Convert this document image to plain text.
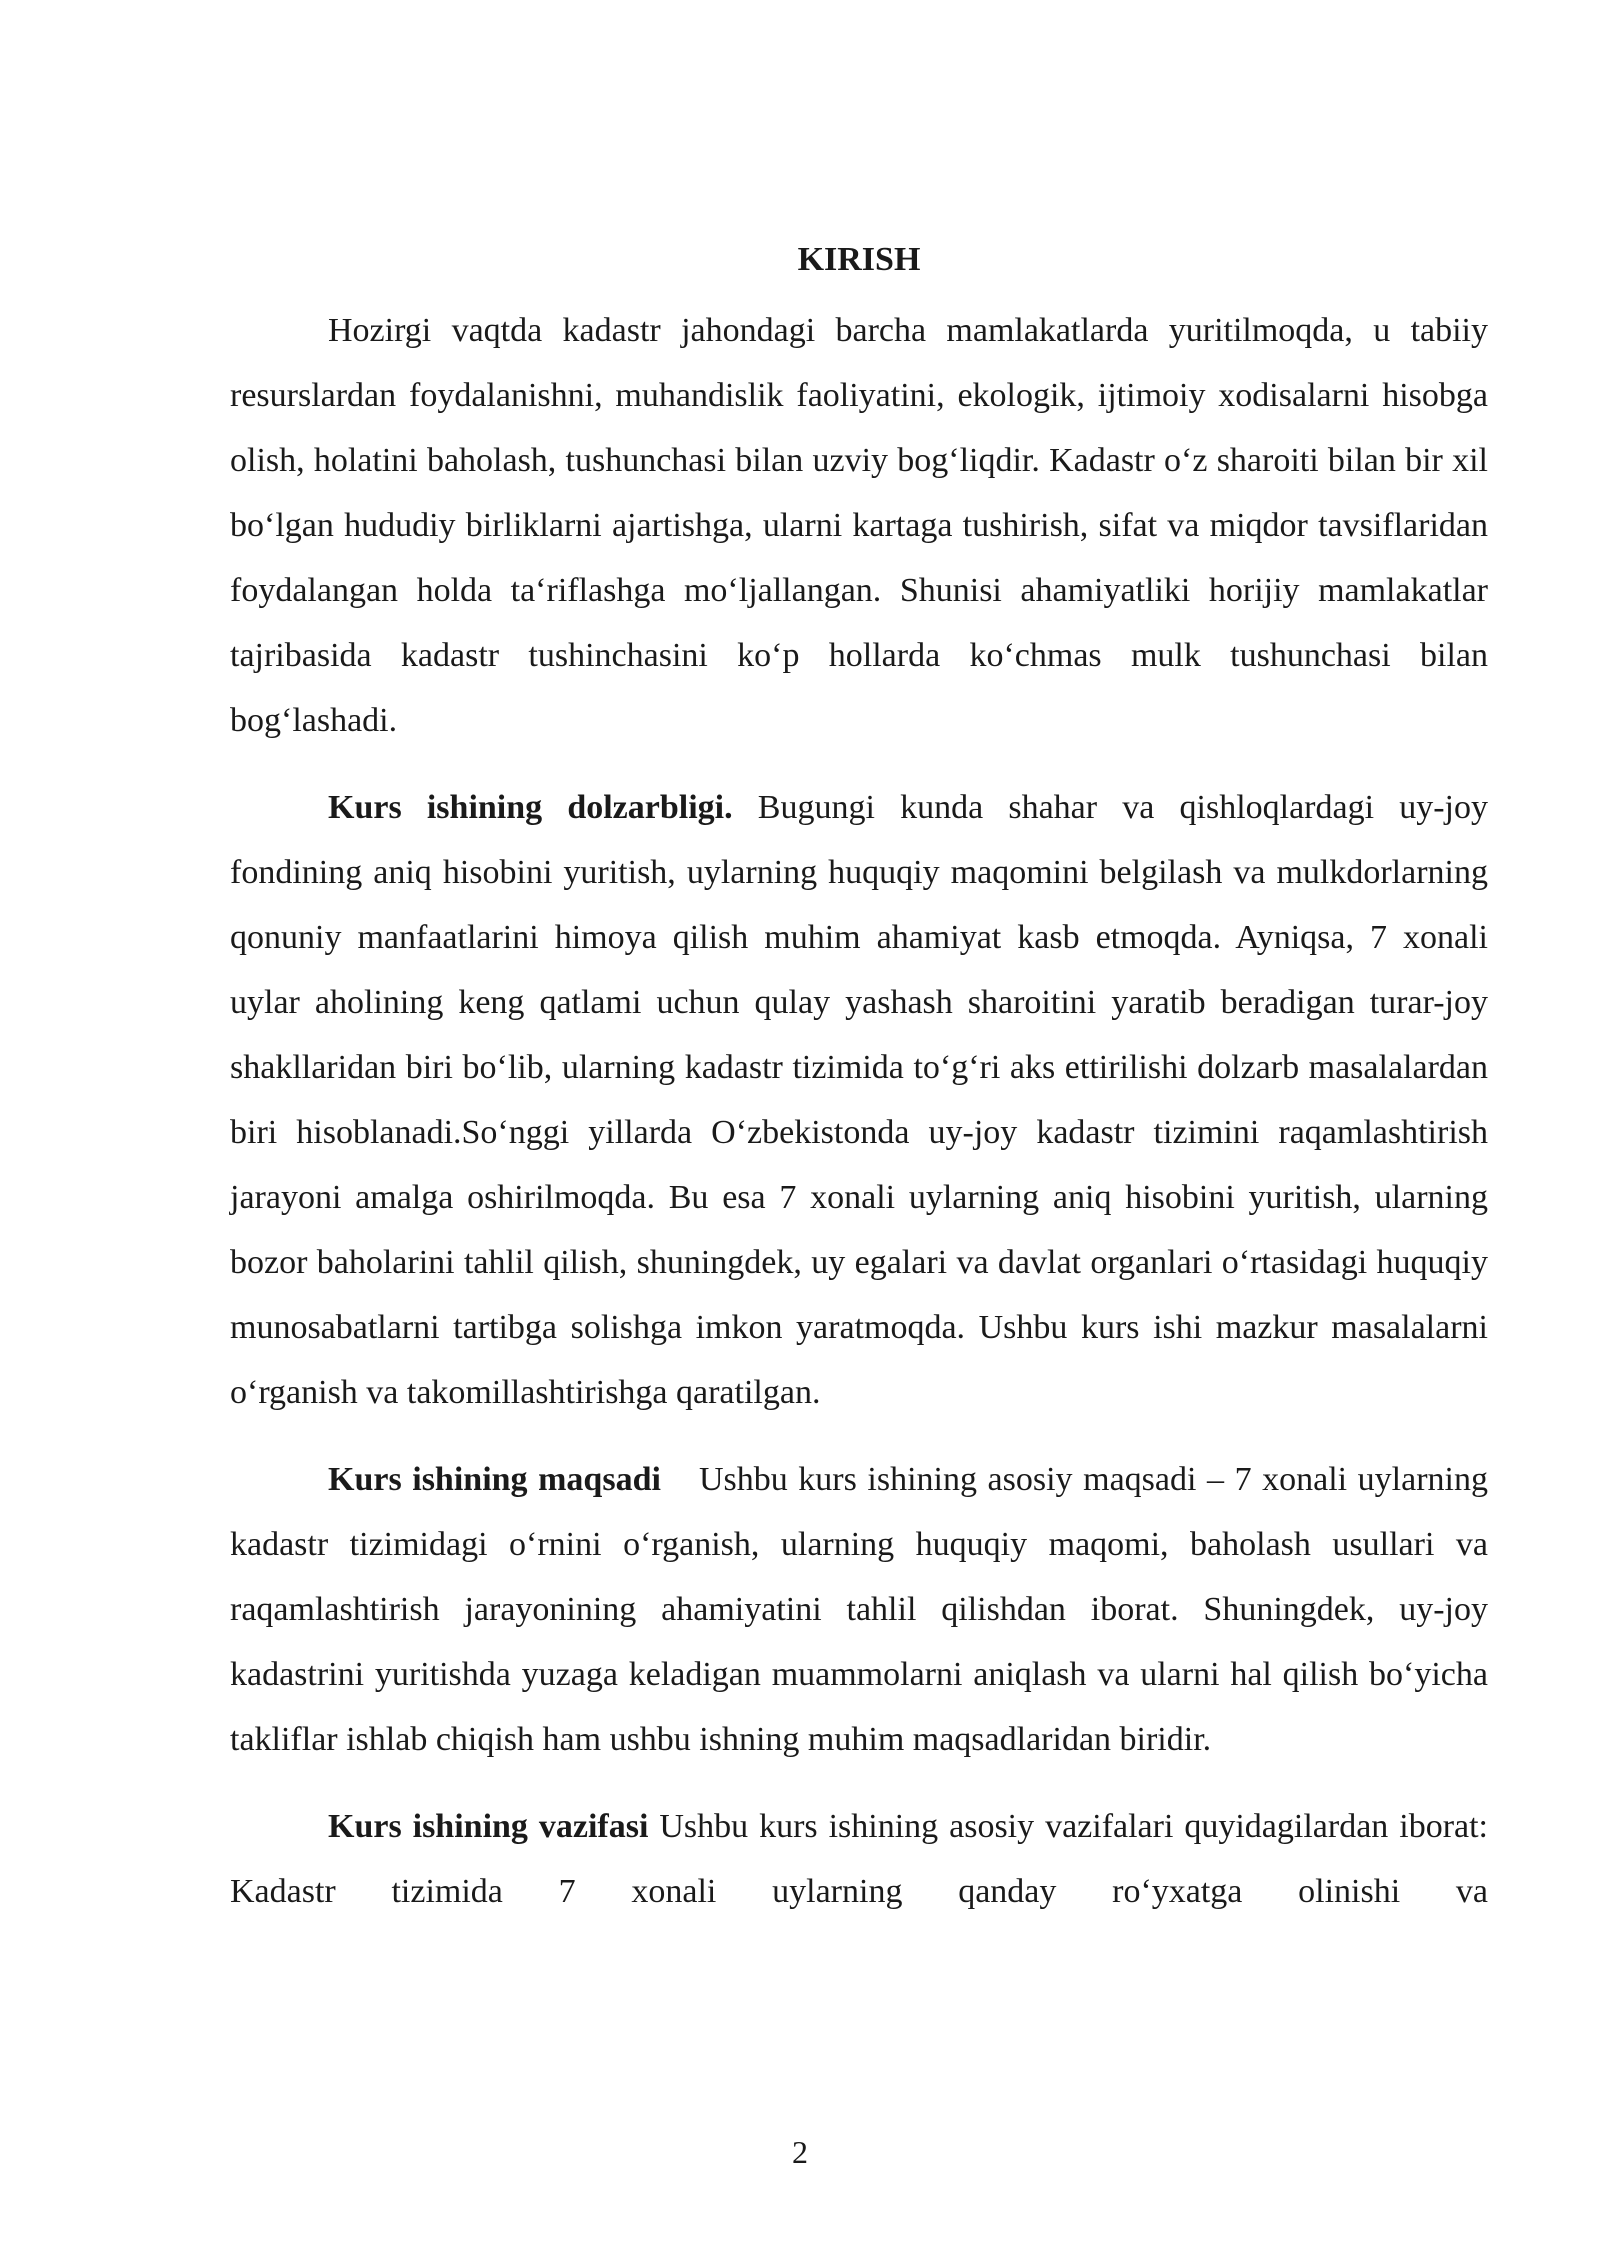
KIRISH

Hozirgi vaqtda kadastr jahondagi barcha mamlakatlarda yuritilmoqda, u tabiiy resurslardan foydalanishni, muhandislik faoliyatini, ekologik, ijtimoiy xodisalarni hisobga olish, holatini baholash, tushunchasi bilan uzviy bog‘liqdir. Kadastr o‘z sharoiti bilan bir xil bo‘lgan hududiy birliklarni ajartishga, ularni kartaga tushirish, sifat va miqdor tavsiflaridan foydalangan holda ta‘riflashga mo‘ljallangan. Shunisi ahamiyatliki horijiy mamlakatlar tajribasida kadastr tushinchasini ko‘p hollarda ko‘chmas mulk tushunchasi bilan bog‘lashadi.

Kurs ishining dolzarbligi. Bugungi kunda shahar va qishloqlardagi uy-joy fondining aniq hisobini yuritish, uylarning huquqiy maqomini belgilash va mulkdorlarning qonuniy manfaatlarini himoya qilish muhim ahamiyat kasb etmoqda. Ayniqsa, 7 xonali uylar aholining keng qatlami uchun qulay yashash sharoitini yaratib beradigan turar-joy shakllaridan biri bo‘lib, ularning kadastr tizimida to‘g‘ri aks ettirilishi dolzarb masalalardan biri hisoblanadi.So‘nggi yillarda O‘zbekistonda uy-joy kadastr tizimini raqamlashtirish jarayoni amalga oshirilmoqda. Bu esa 7 xonali uylarning aniq hisobini yuritish, ularning bozor baholarini tahlil qilish, shuningdek, uy egalari va davlat organlari o‘rtasidagi huquqiy munosabatlarni tartibga solishga imkon yaratmoqda. Ushbu kurs ishi mazkur masalalarni o‘rganish va takomillashtirishga qaratilgan.

Kurs ishining maqsadi Ushbu kurs ishining asosiy maqsadi – 7 xonali uylarning kadastr tizimidagi o‘rnini o‘rganish, ularning huquqiy maqomi, baholash usullari va raqamlashtirish jarayonining ahamiyatini tahlil qilishdan iborat. Shuningdek, uy-joy kadastrini yuritishda yuzaga keladigan muammolarni aniqlash va ularni hal qilish bo‘yicha takliflar ishlab chiqish ham ushbu ishning muhim maqsadlaridan biridir.

Kurs ishining vazifasi Ushbu kurs ishining asosiy vazifalari quyidagilardan iborat: Kadastr tizimida 7 xonali uylarning qanday ro‘yxatga olinishi va

2
